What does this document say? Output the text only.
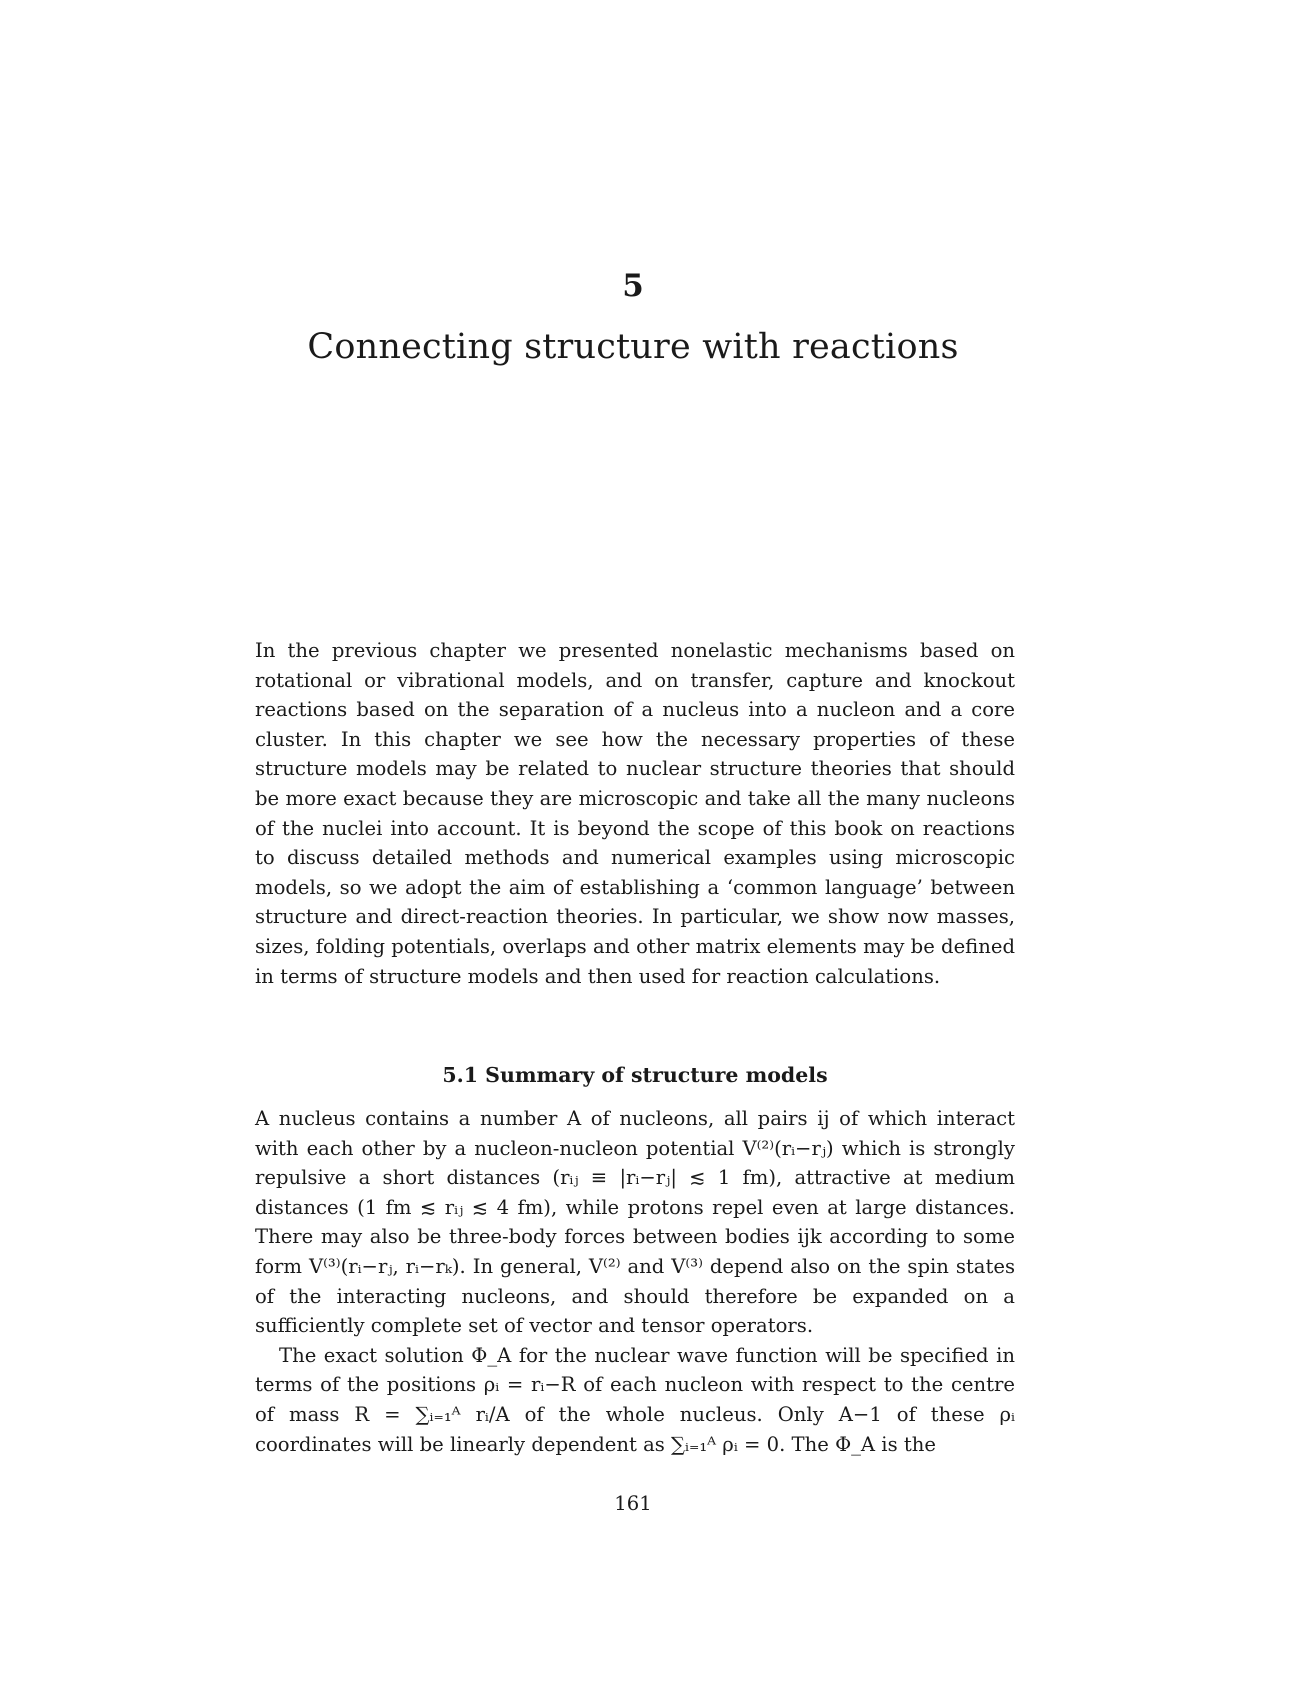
5
Connecting structure with reactions

In the previous chapter we presented nonelastic mechanisms based on rotational or vibrational models, and on transfer, capture and knockout reactions based on the separation of a nucleus into a nucleon and a core cluster. In this chapter we see how the necessary properties of these structure models may be related to nuclear structure theories that should be more exact because they are microscopic and take all the many nucleons of the nuclei into account. It is beyond the scope of this book on reactions to discuss detailed methods and numerical examples using microscopic models, so we adopt the aim of establishing a ‘common language’ between structure and direct-reaction theories. In particular, we show now masses, sizes, folding potentials, overlaps and other matrix elements may be defined in terms of structure models and then used for reaction calculations.

5.1 Summary of structure models

A nucleus contains a number A of nucleons, all pairs ij of which interact with each other by a nucleon-nucleon potential V⁽²⁾(rᵢ−rⱼ) which is strongly repulsive a short distances (rᵢⱼ ≡ |rᵢ−rⱼ| ≲ 1 fm), attractive at medium distances (1 fm ≲ rᵢⱼ ≲ 4 fm), while protons repel even at large distances. There may also be three-body forces between bodies ijk according to some form V⁽³⁾(rᵢ−rⱼ, rᵢ−rₖ). In general, V⁽²⁾ and V⁽³⁾ depend also on the spin states of the interacting nucleons, and should therefore be expanded on a sufficiently complete set of vector and tensor operators.

The exact solution Φ_A for the nuclear wave function will be specified in terms of the positions ρᵢ = rᵢ−R of each nucleon with respect to the centre of mass R = ∑ᵢ₌₁ᴬ rᵢ/A of the whole nucleus. Only A−1 of these ρᵢ coordinates will be linearly dependent as ∑ᵢ₌₁ᴬ ρᵢ = 0. The Φ_A is the

161
